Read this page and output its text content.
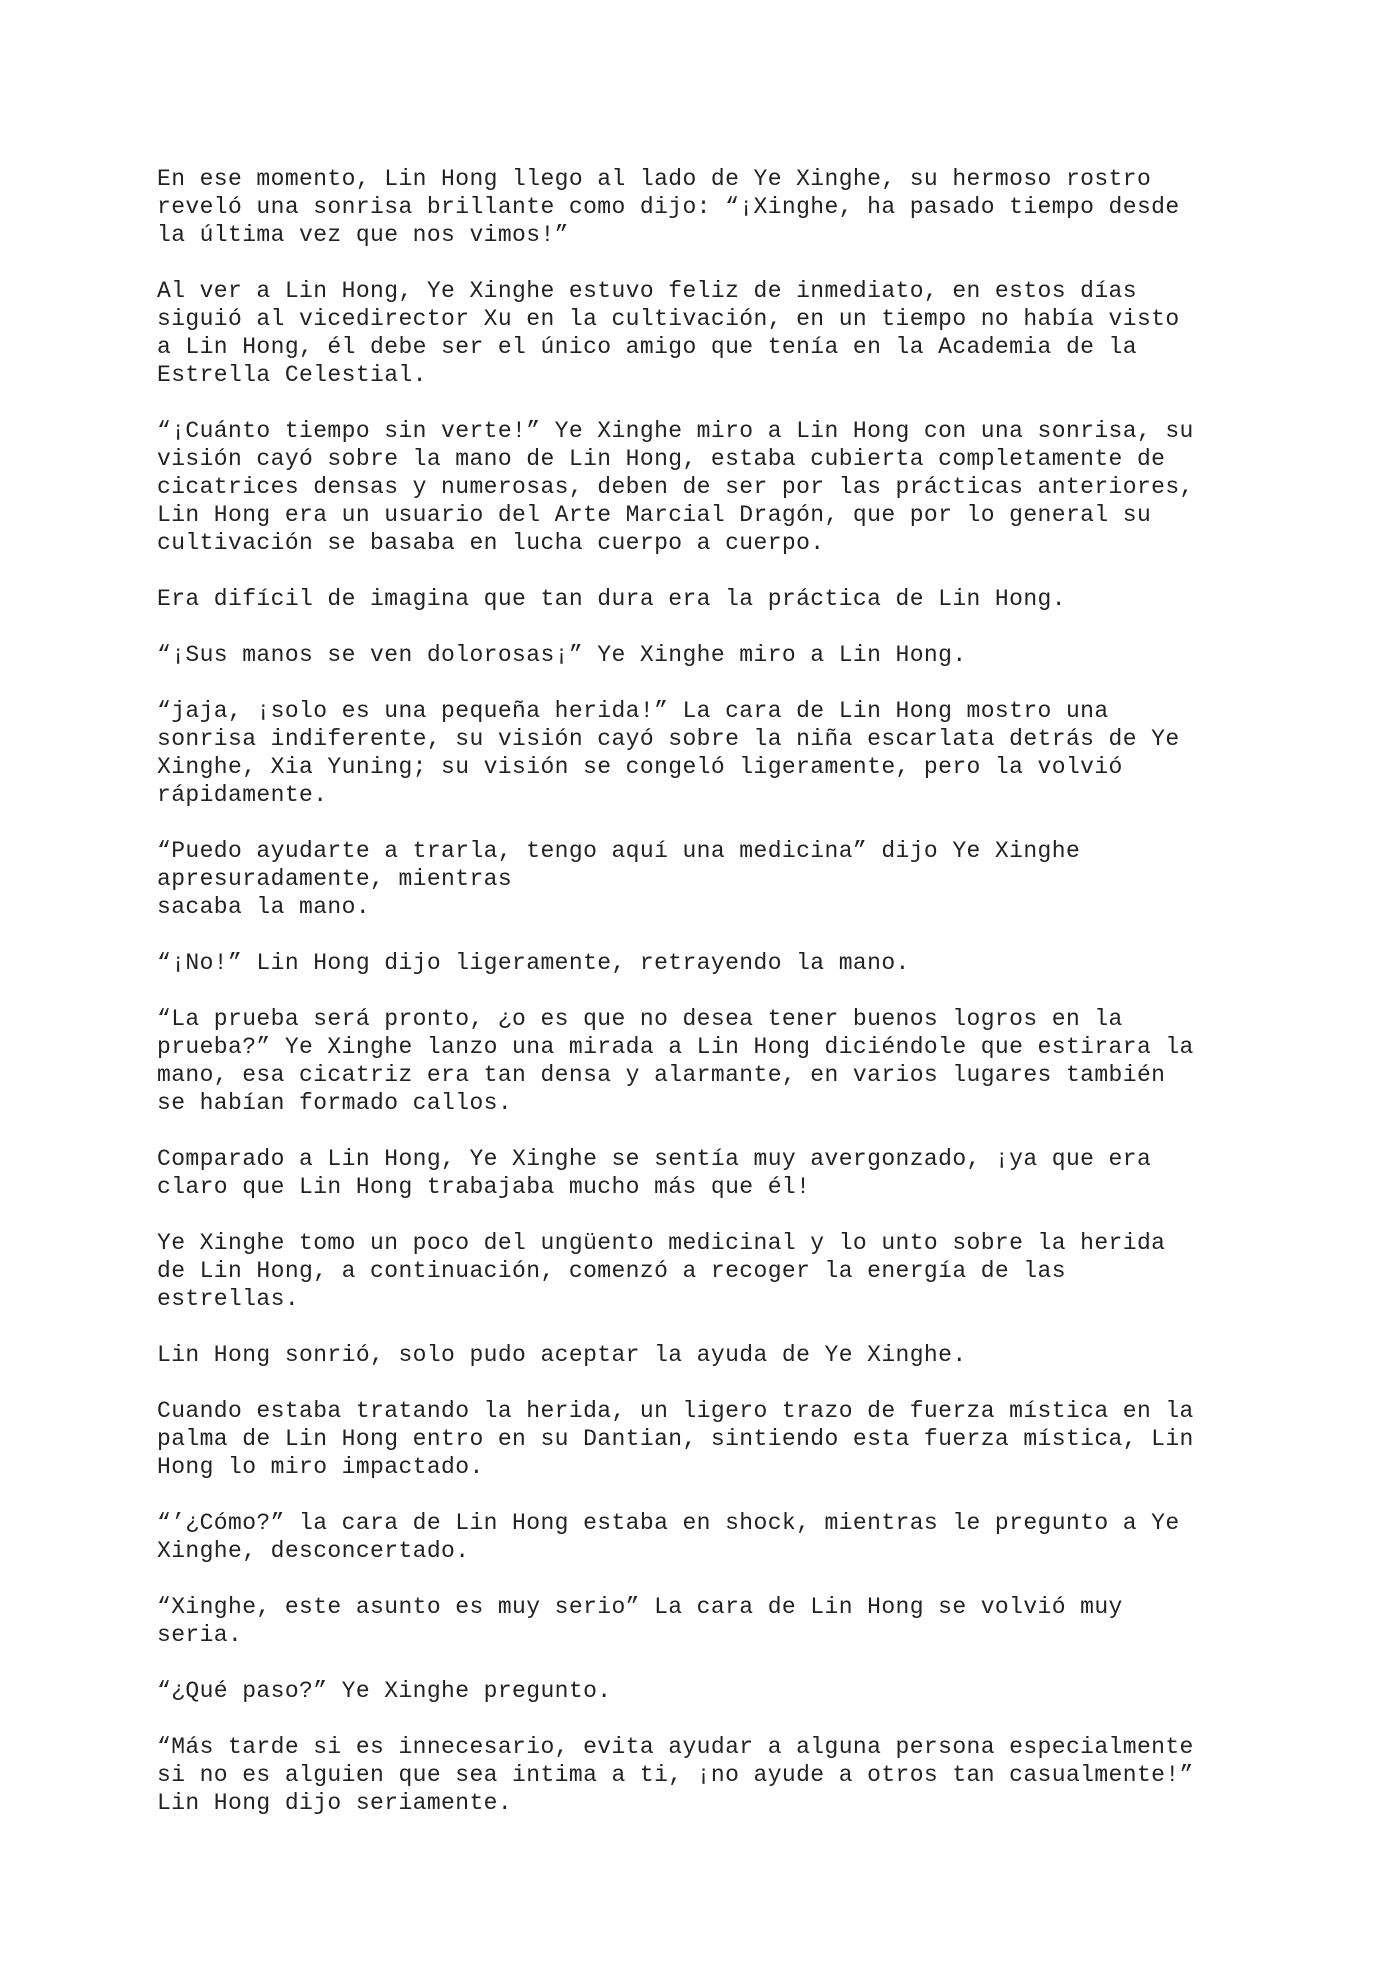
En ese momento, Lin Hong llego al lado de Ye Xinghe, su hermoso rostro
reveló una sonrisa brillante como dijo: “¡Xinghe, ha pasado tiempo desde
la última vez que nos vimos!”

Al ver a Lin Hong, Ye Xinghe estuvo feliz de inmediato, en estos días
siguió al vicedirector Xu en la cultivación, en un tiempo no había visto
a Lin Hong, él debe ser el único amigo que tenía en la Academia de la
Estrella Celestial.

“¡Cuánto tiempo sin verte!” Ye Xinghe miro a Lin Hong con una sonrisa, su
visión cayó sobre la mano de Lin Hong, estaba cubierta completamente de
cicatrices densas y numerosas, deben de ser por las prácticas anteriores,
Lin Hong era un usuario del Arte Marcial Dragón, que por lo general su
cultivación se basaba en lucha cuerpo a cuerpo.

Era difícil de imagina que tan dura era la práctica de Lin Hong.

“¡Sus manos se ven dolorosas¡” Ye Xinghe miro a Lin Hong.

“jaja, ¡solo es una pequeña herida!” La cara de Lin Hong mostro una
sonrisa indiferente, su visión cayó sobre la niña escarlata detrás de Ye
Xinghe, Xia Yuning; su visión se congeló ligeramente, pero la volvió
rápidamente.

“Puedo ayudarte a trarla, tengo aquí una medicina” dijo Ye Xinghe
apresuradamente, mientras
sacaba la mano.

“¡No!” Lin Hong dijo ligeramente, retrayendo la mano.

“La prueba será pronto, ¿o es que no desea tener buenos logros en la
prueba?” Ye Xinghe lanzo una mirada a Lin Hong diciéndole que estirara la
mano, esa cicatriz era tan densa y alarmante, en varios lugares también
se habían formado callos.

Comparado a Lin Hong, Ye Xinghe se sentía muy avergonzado, ¡ya que era
claro que Lin Hong trabajaba mucho más que él!

Ye Xinghe tomo un poco del ungüento medicinal y lo unto sobre la herida
de Lin Hong, a continuación, comenzó a recoger la energía de las
estrellas.

Lin Hong sonrió, solo pudo aceptar la ayuda de Ye Xinghe.

Cuando estaba tratando la herida, un ligero trazo de fuerza mística en la
palma de Lin Hong entro en su Dantian, sintiendo esta fuerza mística, Lin
Hong lo miro impactado.

“’¿Cómo?” la cara de Lin Hong estaba en shock, mientras le pregunto a Ye
Xinghe, desconcertado.

“Xinghe, este asunto es muy serio” La cara de Lin Hong se volvió muy
seria.

“¿Qué paso?” Ye Xinghe pregunto.

“Más tarde si es innecesario, evita ayudar a alguna persona especialmente
si no es alguien que sea intima a ti, ¡no ayude a otros tan casualmente!”
Lin Hong dijo seriamente.
